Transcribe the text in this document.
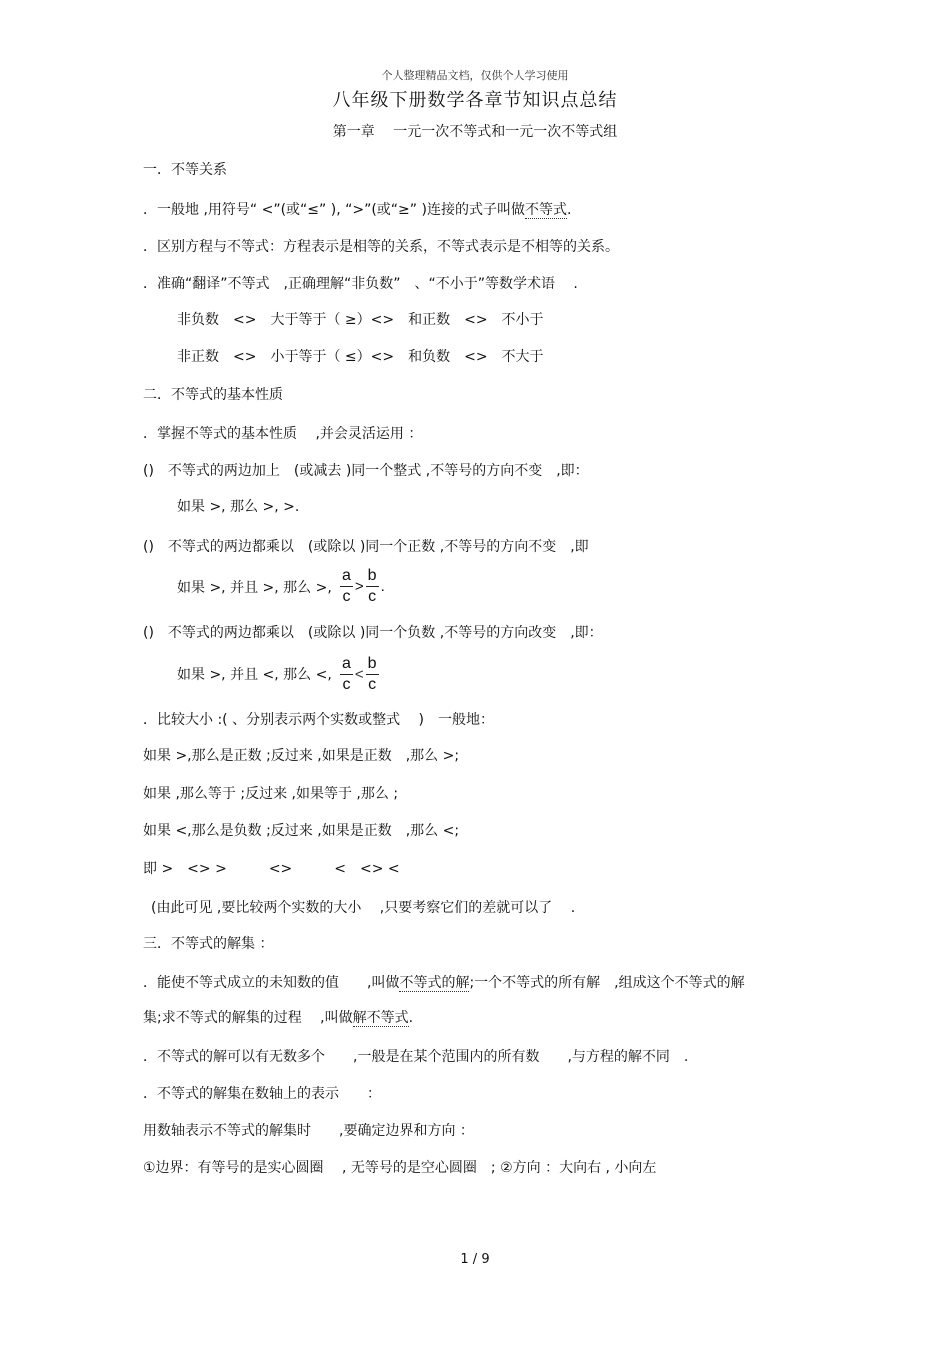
个人整理精品文档，仅供个人学习使用
八年级下册数学各章节知识点总结
第一章　 一元一次不等式和一元一次不等式组
一．不等关系
．一般地 ,用符号“ <”(或“≤” ), “>”(或“≥” )连接的式子叫做不等式.
．区别方程与不等式：方程表示是相等的关系，不等式表示是不相等的关系。
．准确“翻译”不等式　,正确理解“非负数”　、“不小于”等数学术语　 .
非负数　<>　大于等于（ ≥）<>　和正数　<>　不小于
非正数　<>　小于等于（ ≤）<>　和负数　<>　不大于
二．不等式的基本性质
．掌握不等式的基本性质　 ,并会灵活运用 ：
()　不等式的两边加上　(或减去 )同一个整式 ,不等号的方向不变　,即：
如果 >, 那么 >, >.
()　不等式的两边都乘以　(或除以 )同一个正数 ,不等号的方向不变　,即
如果 >, 并且 >, 那么 >, $\frac{a}{c} > \frac{b}{c}$ .
()　不等式的两边都乘以　(或除以 )同一个负数 ,不等号的方向改变　,即：
如果 >, 并且 <, 那么 <, $\frac{a}{c} < \frac{b}{c}$
．比较大小 :( 、分别表示两个实数或整式　 )　一般地：
如果 >,那么是正数 ;反过来 ,如果是正数　,那么 >;
如果 ,那么等于 ;反过来 ,如果等于 ,那么 ;
如果 <,那么是负数 ;反过来 ,如果是正数　,那么 <;
即 >　<> >　　　<>　　　<　<> <
(由此可见 ,要比较两个实数的大小　 ,只要考察它们的差就可以了　 .
三．不等式的解集 ：
．能使不等式成立的未知数的值　　,叫做不等式的解;一个不等式的所有解　,组成这个不等式的解
集;求不等式的解集的过程　 ,叫做解不等式.
．不等式的解可以有无数多个　　,一般是在某个范围内的所有数　　,与方程的解不同　.
．不等式的解集在数轴上的表示　　：
用数轴表示不等式的解集时　　,要确定边界和方向 ：
①边界：有等号的是实心圆圈　 , 无等号的是空心圆圈　; ②方向 ：大向右 , 小向左
1 / 9
